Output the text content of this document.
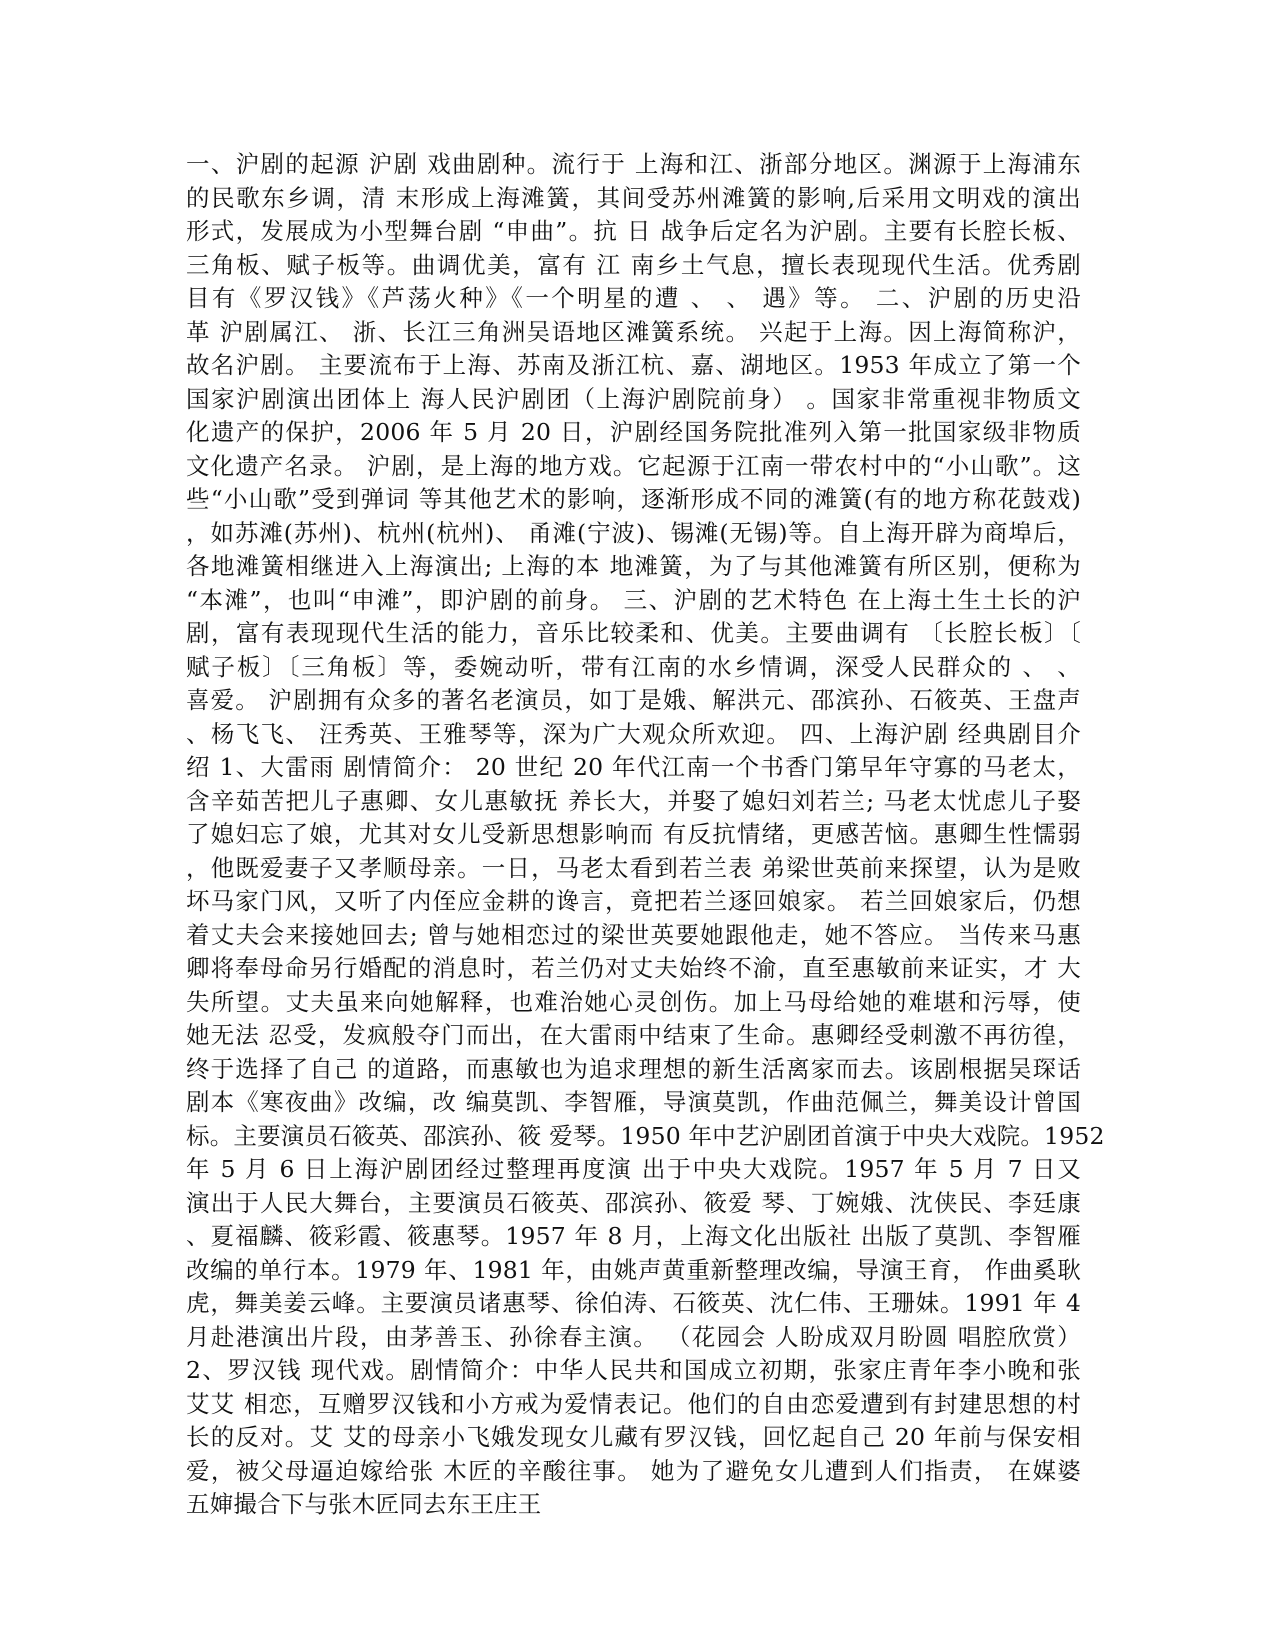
一、沪剧的起源 沪剧 戏曲剧种。流行于 上海和江、浙部分地区。渊源于上海浦东
的民歌东乡调，清 末形成上海滩簧，其间受苏州滩簧的影响,后采用文明戏的演出
形式，发展成为小型舞台剧 “申曲”。抗 日 战争后定名为沪剧。主要有长腔长板、
三角板、赋子板等。曲调优美，富有 江 南乡土气息，擅长表现现代生活。优秀剧
目有《罗汉钱》《芦荡火种》《一个明星的遭 、 、 遇》等。 二、沪剧的历史沿
革 沪剧属江、 浙、长江三角洲吴语地区滩簧系统。 兴起于上海。因上海简称沪，
故名沪剧。 主要流布于上海、苏南及浙江杭、嘉、湖地区。1953 年成立了第一个
国家沪剧演出团体上 海人民沪剧团（上海沪剧院前身） 。国家非常重视非物质文
化遗产的保护，2006 年 5 月 20 日，沪剧经国务院批准列入第一批国家级非物质
文化遗产名录。 沪剧，是上海的地方戏。它起源于江南一带农村中的“小山歌”。这
些“小山歌”受到弹词 等其他艺术的影响，逐渐形成不同的滩簧(有的地方称花鼓戏)
，如苏滩(苏州)、杭州(杭州)、 甬滩(宁波)、锡滩(无锡)等。自上海开辟为商埠后，
各地滩簧相继进入上海演出; 上海的本 地滩簧，为了与其他滩簧有所区别，便称为
“本滩”，也叫“申滩”，即沪剧的前身。 三、沪剧的艺术特色 在上海土生土长的沪
剧，富有表现现代生活的能力，音乐比较柔和、优美。主要曲调有 〔长腔长板〕〔
赋子板〕〔三角板〕等，委婉动听，带有江南的水乡情调，深受人民群众的 、 、
喜爱。 沪剧拥有众多的著名老演员，如丁是娥、解洪元、邵滨孙、石筱英、王盘声
、杨飞飞、 汪秀英、王雅琴等，深为广大观众所欢迎。 四、上海沪剧 经典剧目介
绍 1、大雷雨 剧情简介： 20 世纪 20 年代江南一个书香门第早年守寡的马老太，
含辛茹苦把儿子惠卿、女儿惠敏抚 养长大，并娶了媳妇刘若兰; 马老太忧虑儿子娶
了媳妇忘了娘，尤其对女儿受新思想影响而 有反抗情绪，更感苦恼。惠卿生性懦弱
，他既爱妻子又孝顺母亲。一日，马老太看到若兰表 弟梁世英前来探望，认为是败
坏马家门风，又听了内侄应金耕的谗言，竟把若兰逐回娘家。 若兰回娘家后，仍想
着丈夫会来接她回去; 曾与她相恋过的梁世英要她跟他走，她不答应。 当传来马惠
卿将奉母命另行婚配的消息时，若兰仍对丈夫始终不渝，直至惠敏前来证实，才 大
失所望。丈夫虽来向她解释，也难治她心灵创伤。加上马母给她的难堪和污辱，使
她无法 忍受，发疯般夺门而出，在大雷雨中结束了生命。惠卿经受刺激不再彷徨，
终于选择了自己 的道路，而惠敏也为追求理想的新生活离家而去。该剧根据吴琛话
剧本《寒夜曲》改编，改 编莫凯、李智雁，导演莫凯，作曲范佩兰，舞美设计曾国
标。主要演员石筱英、邵滨孙、筱 爱琴。1950 年中艺沪剧团首演于中央大戏院。1952
年 5 月 6 日上海沪剧团经过整理再度演 出于中央大戏院。1957 年 5 月 7 日又
演出于人民大舞台，主要演员石筱英、邵滨孙、筱爱 琴、丁婉娥、沈侠民、李廷康
、夏福麟、筱彩霞、筱惠琴。1957 年 8 月，上海文化出版社 出版了莫凯、李智雁
改编的单行本。1979 年、1981 年，由姚声黄重新整理改编，导演王育， 作曲奚耿
虎，舞美姜云峰。主要演员诸惠琴、徐伯涛、石筱英、沈仁伟、王珊妹。1991 年 4
月赴港演出片段，由茅善玉、孙徐春主演。 （花园会 人盼成双月盼圆 唱腔欣赏）
2、罗汉钱 现代戏。剧情简介：中华人民共和国成立初期，张家庄青年李小晚和张
艾艾 相恋，互赠罗汉钱和小方戒为爱情表记。他们的自由恋爱遭到有封建思想的村
长的反对。艾 艾的母亲小飞娥发现女儿藏有罗汉钱，回忆起自己 20 年前与保安相
爱，被父母逼迫嫁给张 木匠的辛酸往事。 她为了避免女儿遭到人们指责， 在媒婆
五婶撮合下与张木匠同去东王庄王
